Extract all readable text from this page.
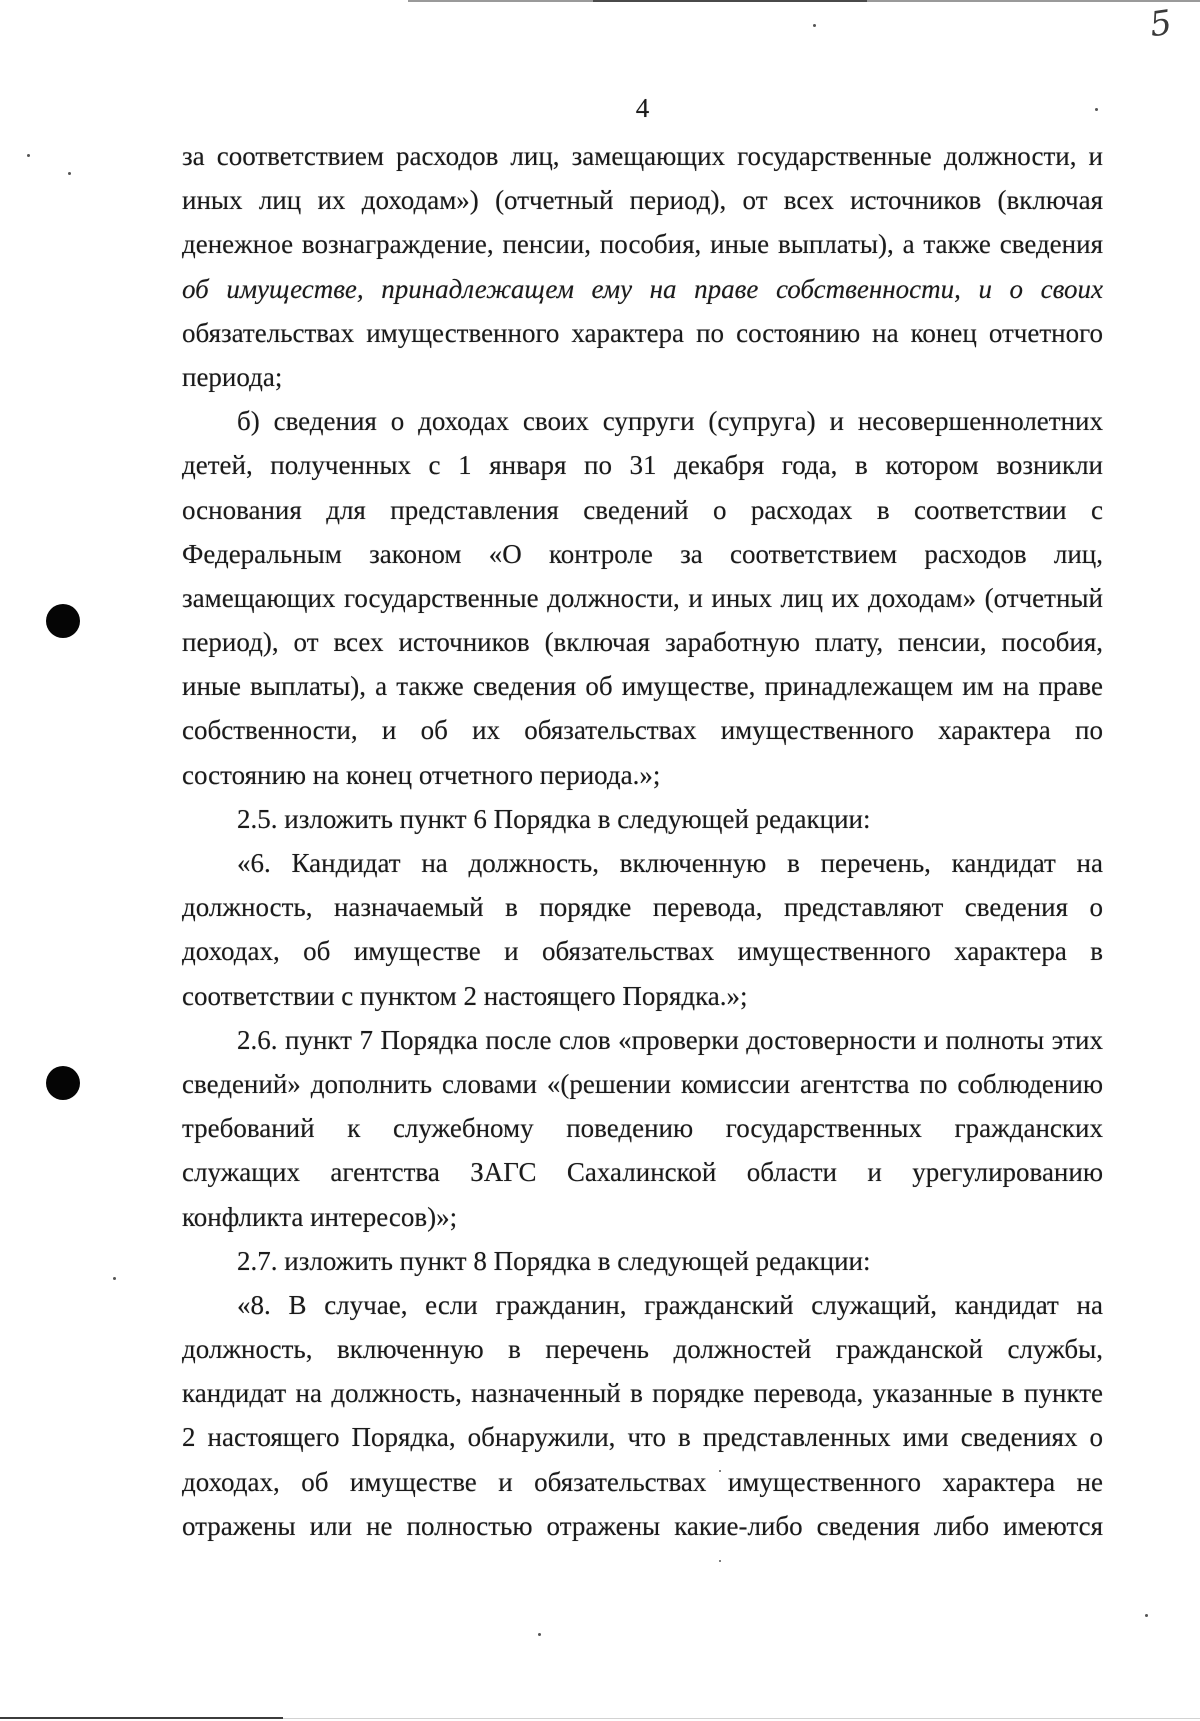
5
4
за соответствием расходов лиц, замещающих государственные должности, и
иных лиц их доходам») (отчетный период), от всех источников (включая
денежное вознаграждение, пенсии, пособия, иные выплаты), а также сведения
об имуществе, принадлежащем ему на праве собственности, и о своих
обязательствах имущественного характера по состоянию на конец отчетного
периода;
б) сведения о доходах своих супруги (супруга) и несовершеннолетних
детей, полученных с 1 января по 31 декабря года, в котором возникли
основания для представления сведений о расходах в соответствии с
Федеральным законом «О контроле за соответствием расходов лиц,
замещающих государственные должности, и иных лиц их доходам» (отчетный
период), от всех источников (включая заработную плату, пенсии, пособия,
иные выплаты), а также сведения об имуществе, принадлежащем им на праве
собственности, и об их обязательствах имущественного характера по
состоянию на конец отчетного периода.»;
2.5. изложить пункт 6 Порядка в следующей редакции:
«6. Кандидат на должность, включенную в перечень, кандидат на
должность, назначаемый в порядке перевода, представляют сведения о
доходах, об имуществе и обязательствах имущественного характера в
соответствии с пунктом 2 настоящего Порядка.»;
2.6. пункт 7 Порядка после слов «проверки достоверности и полноты этих
сведений» дополнить словами «(решении комиссии агентства по соблюдению
требований к служебному поведению государственных гражданских
служащих агентства ЗАГС Сахалинской области и урегулированию
конфликта интересов)»;
2.7. изложить пункт 8 Порядка в следующей редакции:
«8. В случае, если гражданин, гражданский служащий, кандидат на
должность, включенную в перечень должностей гражданской службы,
кандидат на должность, назначенный в порядке перевода, указанные в пункте
2 настоящего Порядка, обнаружили, что в представленных ими сведениях о
доходах, об имуществе и обязательствах имущественного характера не
отражены или не полностью отражены какие-либо сведения либо имеются
